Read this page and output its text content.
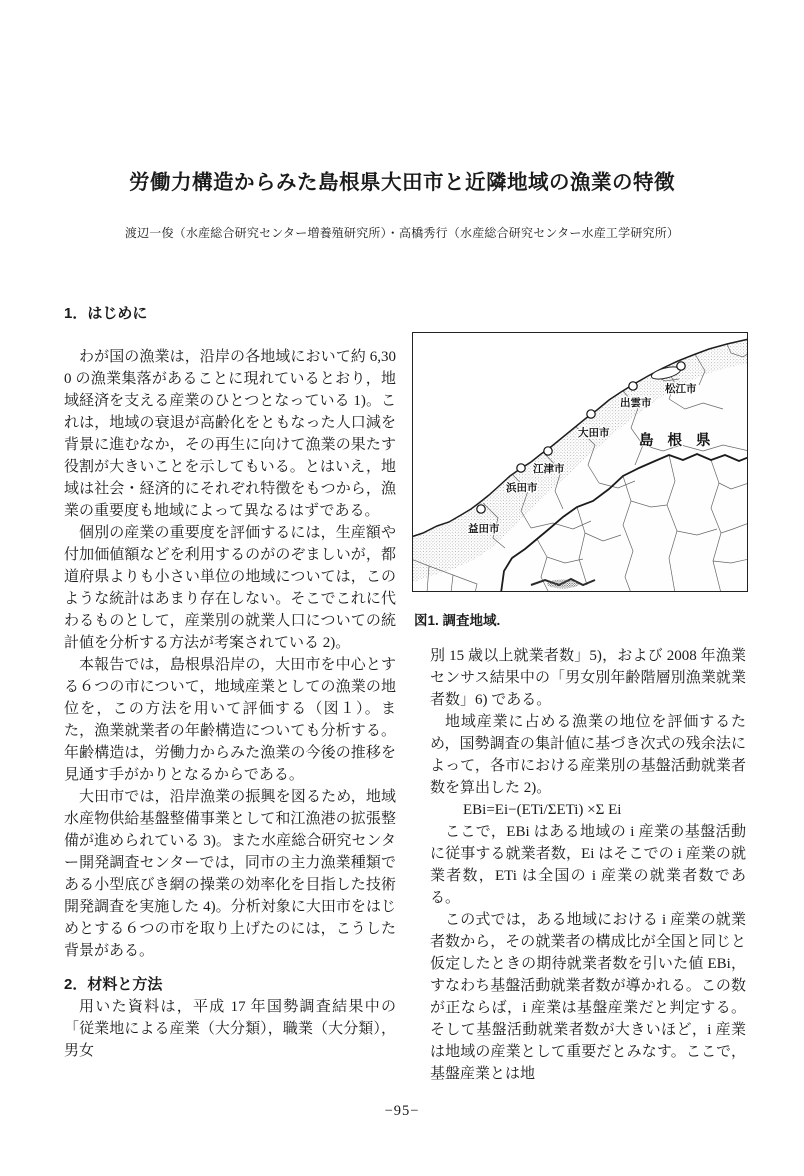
労働力構造からみた島根県大田市と近隣地域の漁業の特徴
渡辺一俊（水産総合研究センター増養殖研究所）・高橋秀行（水産総合研究センター水産工学研究所）
1．はじめに

わが国の漁業は，沿岸の各地域において約 6,300 の漁業集落があることに現れているとおり，地域経済を支える産業のひとつとなっている 1)。これは，地域の衰退が高齢化をともなった人口減を背景に進むなか，その再生に向けて漁業の果たす役割が大きいことを示してもいる。とはいえ，地域は社会・経済的にそれぞれ特徴をもつから，漁業の重要度も地域によって異なるはずである。

個別の産業の重要度を評価するには，生産額や付加価値額などを利用するのがのぞましいが，都道府県よりも小さい単位の地域については，このような統計はあまり存在しない。そこでこれに代わるものとして，産業別の就業人口についての統計値を分析する方法が考案されている 2)。

本報告では，島根県沿岸の，大田市を中心とする６つの市について，地域産業としての漁業の地位を，この方法を用いて評価する（図１）。また，漁業就業者の年齢構造についても分析する。年齢構造は，労働力からみた漁業の今後の推移を見通す手がかりとなるからである。

大田市では，沿岸漁業の振興を図るため，地域水産物供給基盤整備事業として和江漁港の拡張整備が進められている 3)。また水産総合研究センター開発調査センターでは，同市の主力漁業種類である小型底びき網の操業の効率化を目指した技術開発調査を実施した 4)。分析対象に大田市をはじめとする６つの市を取り上げたのには，こうした背景がある。

2．材料と方法

用いた資料は，平成 17 年国勢調査結果中の「従業地による産業（大分類），職業（大分類），男女

松江市
出雲市
大田市
江津市
浜田市
益田市
島 根 県
図1. 調査地域.

別 15 歳以上就業者数」5)，および 2008 年漁業センサス結果中の「男女別年齢階層別漁業就業者数」6) である。

地域産業に占める漁業の地位を評価するため，国勢調査の集計値に基づき次式の残余法によって，各市における産業別の基盤活動就業者数を算出した 2)。

EBi=Ei−(ETi/ΣETi) ×Σ Ei

ここで，EBi はある地域の i 産業の基盤活動に従事する就業者数，Ei はそこでの i 産業の就業者数，ETi は全国の i 産業の就業者数である。

この式では，ある地域における i 産業の就業者数から，その就業者の構成比が全国と同じと仮定したときの期待就業者数を引いた値 EBi，すなわち基盤活動就業者数が導かれる。この数が正ならば，i 産業は基盤産業だと判定する。そして基盤活動就業者数が大きいほど，i 産業は地域の産業として重要だとみなす。ここで，基盤産業とは地

−95−
